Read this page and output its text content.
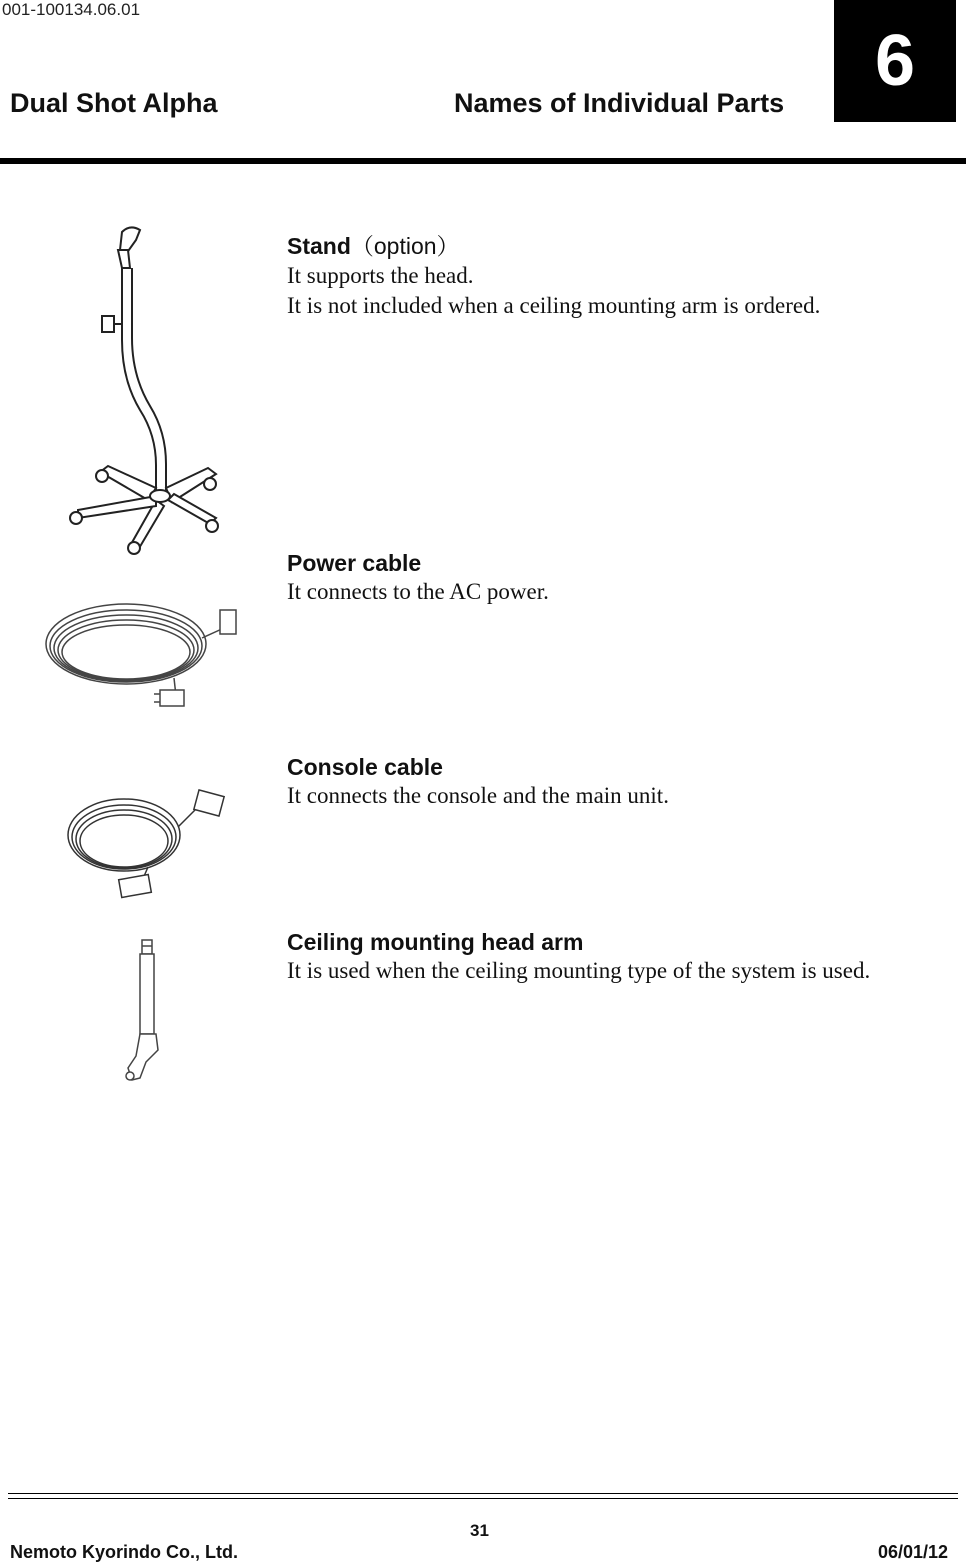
001-100134.06.01
Dual Shot Alpha	Names of Individual Parts
6
Stand（option）
It supports the head.
It is not included when a ceiling mounting arm is ordered.
Power cable
It connects to the AC power.
Console cable
It connects the console and the main unit.
Ceiling mounting head arm
It is used when the ceiling mounting type of the system is used.
31
Nemoto Kyorindo Co., Ltd.	06/01/12
